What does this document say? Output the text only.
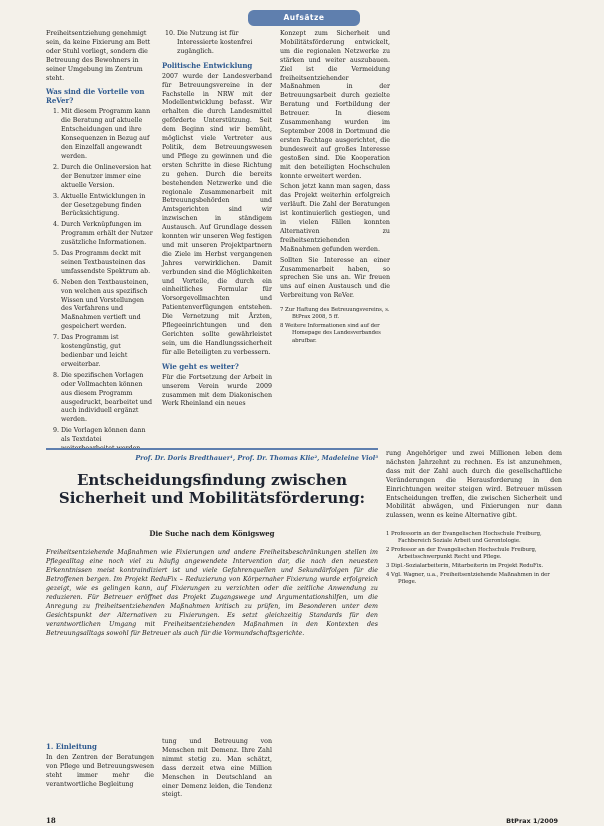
Aufsätze

Freiheitsentziehung genehmigt sein, da keine Fixierung am Bett oder Stuhl vorliegt, sondern die Betreuung des Bewohners in seiner Umgebung im Zentrum steht.

Was sind die Vorteile von ReVer?
1. Mit diesem Programm kann die Beratung auf aktuelle Entscheidungen und ihre Konsequenzen in Bezug auf den Einzelfall angewandt werden.
2. Durch die Onlineversion hat der Benutzer immer eine aktuelle Version.
3. Aktuelle Entwicklungen in der Gesetzgebung finden Berücksichtigung.
4. Durch Verknüpfungen im Programm erhält der Nutzer zusätzliche Informationen.
5. Das Programm deckt mit seinen Textbausteinen das umfassendste Spektrum ab.
6. Neben den Textbausteinen, von welchen aus spezifisch Wissen und Vorstellungen des Verfahrens und Maßnahmen vertieft und gespeichert werden.
7. Das Programm ist kostengünstig, gut bedienbar und leicht erweiterbar.
8. Die spezifischen Vorlagen oder Vollmachten können aus diesem Programm ausgedruckt, bearbeitet und auch individuell ergänzt werden.
9. Die Vorlagen können dann als Textdatei
10. Die Nutzung ist für Interessierte kostenfrei zugänglich.
Politische Entwicklung

2007 wurde der Landesverband für Betreuungsvereine in der Fachstelle in NRW mit der Modellentwicklung befasst. Wir erhalten die durch Landesmittel geförderte Unterstützung. Seit dem Beginn sind wir bemüht, möglichst viele Vertreter aus Politik, dem Betreuungswesen und Pflege zu gewinnen und die ersten Schritte in diese Richtung zu gehen. Durch die bereits bestehenden Netzwerke und die regionale Zusammenarbeit mit Betreuungsbehörden und Amtsgerichten sind wir inzwischen in ständigem Austausch. Auf Grundlage dessen konnten wir unseren Weg festigen und mit unseren Projektpartnern die Ziele im Herbst vergangenen Jahres verwirklichen. Damit verbunden sind die Möglichkeiten und Vorteile, die durch ein einheitliches Formular für Vorsorgevollmachten und Patientenverfügungen entstehen. Die Vernetzung mit Ärzten, Pflegeeinrichtungen und den Gerichten sollte gewährleistet sein, um die Handlungssicherheit für alle Beteiligten zu verbessern.

Wie geht es weiter?

Für die Fortsetzung der Arbeit in unserem Verein wurde 2009 zusammen mit dem Diakonischen Werk Rheinland ein neues

Konzept zum Sicherheit und Mobilitätsförderung entwickelt, um die regionalen Netzwerke zu stärken und weiter auszubauen. Ziel ist die Vermeidung freiheitsentziehender Maßnahmen in der Betreuungsarbeit durch gezielte Beratung und Fortbildung der Betreuer. In diesem Zusammenhang wurden im September 2008 in Dortmund die ersten Fachtage ausgerichtet, die bundesweit auf großes Interesse gestoßen sind. Die Kooperation mit den beteiligten Hochschulen konnte erweitert werden.

Schon jetzt kann man sagen, dass das Projekt weiterhin erfolgreich verläuft. Die Zahl der Beratungen ist kontinuierlich gestiegen, und in vielen Fällen konnten Alternativen zu freiheitsentziehenden Maßnahmen gefunden werden.

Sollten Sie Interesse an einer Zusammenarbeit haben, so sprechen Sie uns an. Wir freuen uns auf einen Austausch und die Verbreitung von ReVer.

7 Zur Haftung des Betreuungsvereins, s. BtPrax 2008, 5 ff.
8 Weitere Informationen sind auf der Homepage des Landesverbandes abrufbar.
Prof. Dr. Doris Bredthauer¹, Prof. Dr. Thomas Klie², Madeleine Viol³
Entscheidungsfindung zwischen Sicherheit und Mobilitätsförderung:
Die Suche nach dem Königsweg
Freiheitsentziehende Maßnahmen wie Fixierungen und andere Freiheitsbeschränkungen stellen im Pflegealltag eine noch viel zu häufig angewendete Intervention dar, die nach den neuesten Erkenntnissen meist kontraindiziert ist und viele Gefahrenquellen und Sekundärfolgen für die Betroffenen bergen. Im Projekt ReduFix – Reduzierung von Körpernaher Fixierung wurde erfolgreich gezeigt, wie es gelingen kann, auf Fixierungen zu verzichten oder die zeitliche Anwendung zu reduzieren. Für Betreuer eröffnet das Projekt Zugangswege und Argumentationshilfen, um die Anregung zu freiheitsentziehenden Maßnahmen kritisch zu prüfen, im Besonderen unter dem Gesichtspunkt der Alternativen zu Fixierungen. Es setzt gleichzeitig Standards für den verantwortlichen Umgang mit Freiheitsentziehenden Maßnahmen in den Kontexten des Betreuungsalltags sowohl für Betreuer als auch für die Vormundschaftsgerichte.
1. Einleitung

In den Zentren der Beratungen von Pflege und Betreuungswesen steht immer mehr die verantwortliche Begleitung

tung und Betreuung von Menschen mit Demenz. Ihre Zahl nimmt stetig zu. Man schätzt, dass derzeit etwa eine Million Menschen in Deutschland an einer Demenz leiden, die Tendenz steigt.

rung Angehöriger und zwei Millionen leben dem nächsten Jahrzehnt zu rechnen. Es ist anzunehmen, dass mit der Zahl auch durch die gesellschaftliche Veränderungen die Herausforderung in den Einrichtungen weiter steigen wird. Betreuer müssen Entscheidungen treffen, die zwischen Sicherheit und Mobilität abwägen, und Fixierungen nur dann zulassen, wenn es keine Alternative gibt.

1 Professorin an der Evangelischen Hochschule Freiburg, Fachbereich Soziale Arbeit und Gerontologie.
2 Professor an der Evangelischen Hochschule Freiburg, Arbeitsschwerpunkt Recht und Pflege.
3 Dipl.-Sozialarbeiterin, Mitarbeiterin im Projekt ReduFix.
4 Vgl. Wagner, u.a., Freiheitsentziehende Maßnahmen in der Pflege.
18	BtPrax 1/2009
